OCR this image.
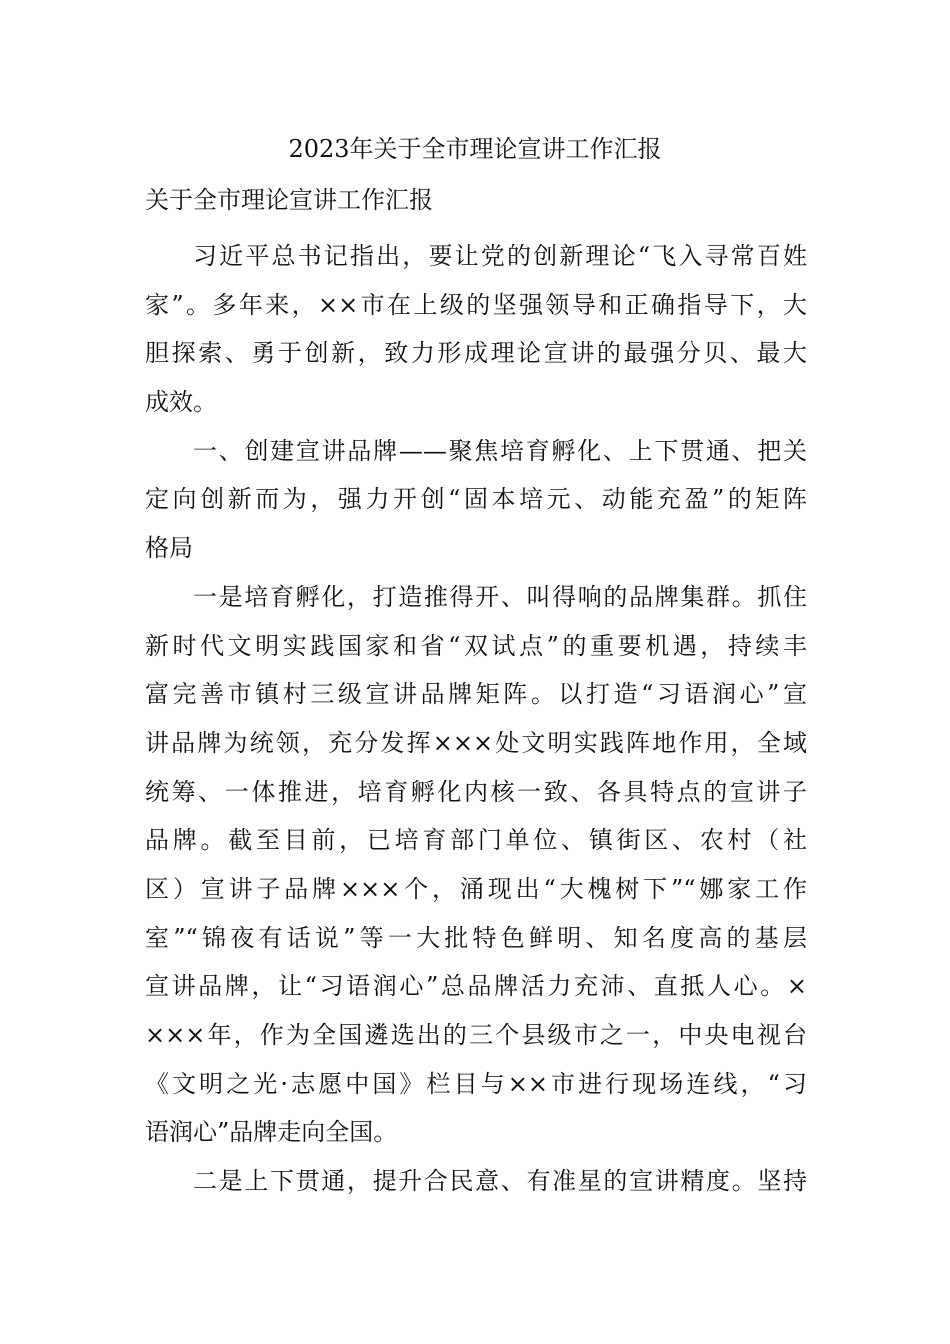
2023年关于全市理论宣讲工作汇报
关于全市理论宣讲工作汇报
习近平总书记指出，要让党的创新理论“飞入寻常百姓
家”。多年来，××市在上级的坚强领导和正确指导下，大
胆探索、勇于创新，致力形成理论宣讲的最强分贝、最大
成效。
一、创建宣讲品牌——聚焦培育孵化、上下贯通、把关
定向创新而为，强力开创“固本培元、动能充盈”的矩阵
格局
一是培育孵化，打造推得开、叫得响的品牌集群。抓住
新时代文明实践国家和省“双试点”的重要机遇，持续丰
富完善市镇村三级宣讲品牌矩阵。以打造“习语润心”宣
讲品牌为统领，充分发挥×××处文明实践阵地作用，全域
统筹、一体推进，培育孵化内核一致、各具特点的宣讲子
品牌。截至目前，已培育部门单位、镇街区、农村（社
区）宣讲子品牌×××个，涌现出“大槐树下”“娜家工作
室”“锦夜有话说”等一大批特色鲜明、知名度高的基层
宣讲品牌，让“习语润心”总品牌活力充沛、直抵人心。×
×××年，作为全国遴选出的三个县级市之一，中央电视台
《文明之光·志愿中国》栏目与××市进行现场连线，“习
语润心”品牌走向全国。
二是上下贯通，提升合民意、有准星的宣讲精度。坚持
